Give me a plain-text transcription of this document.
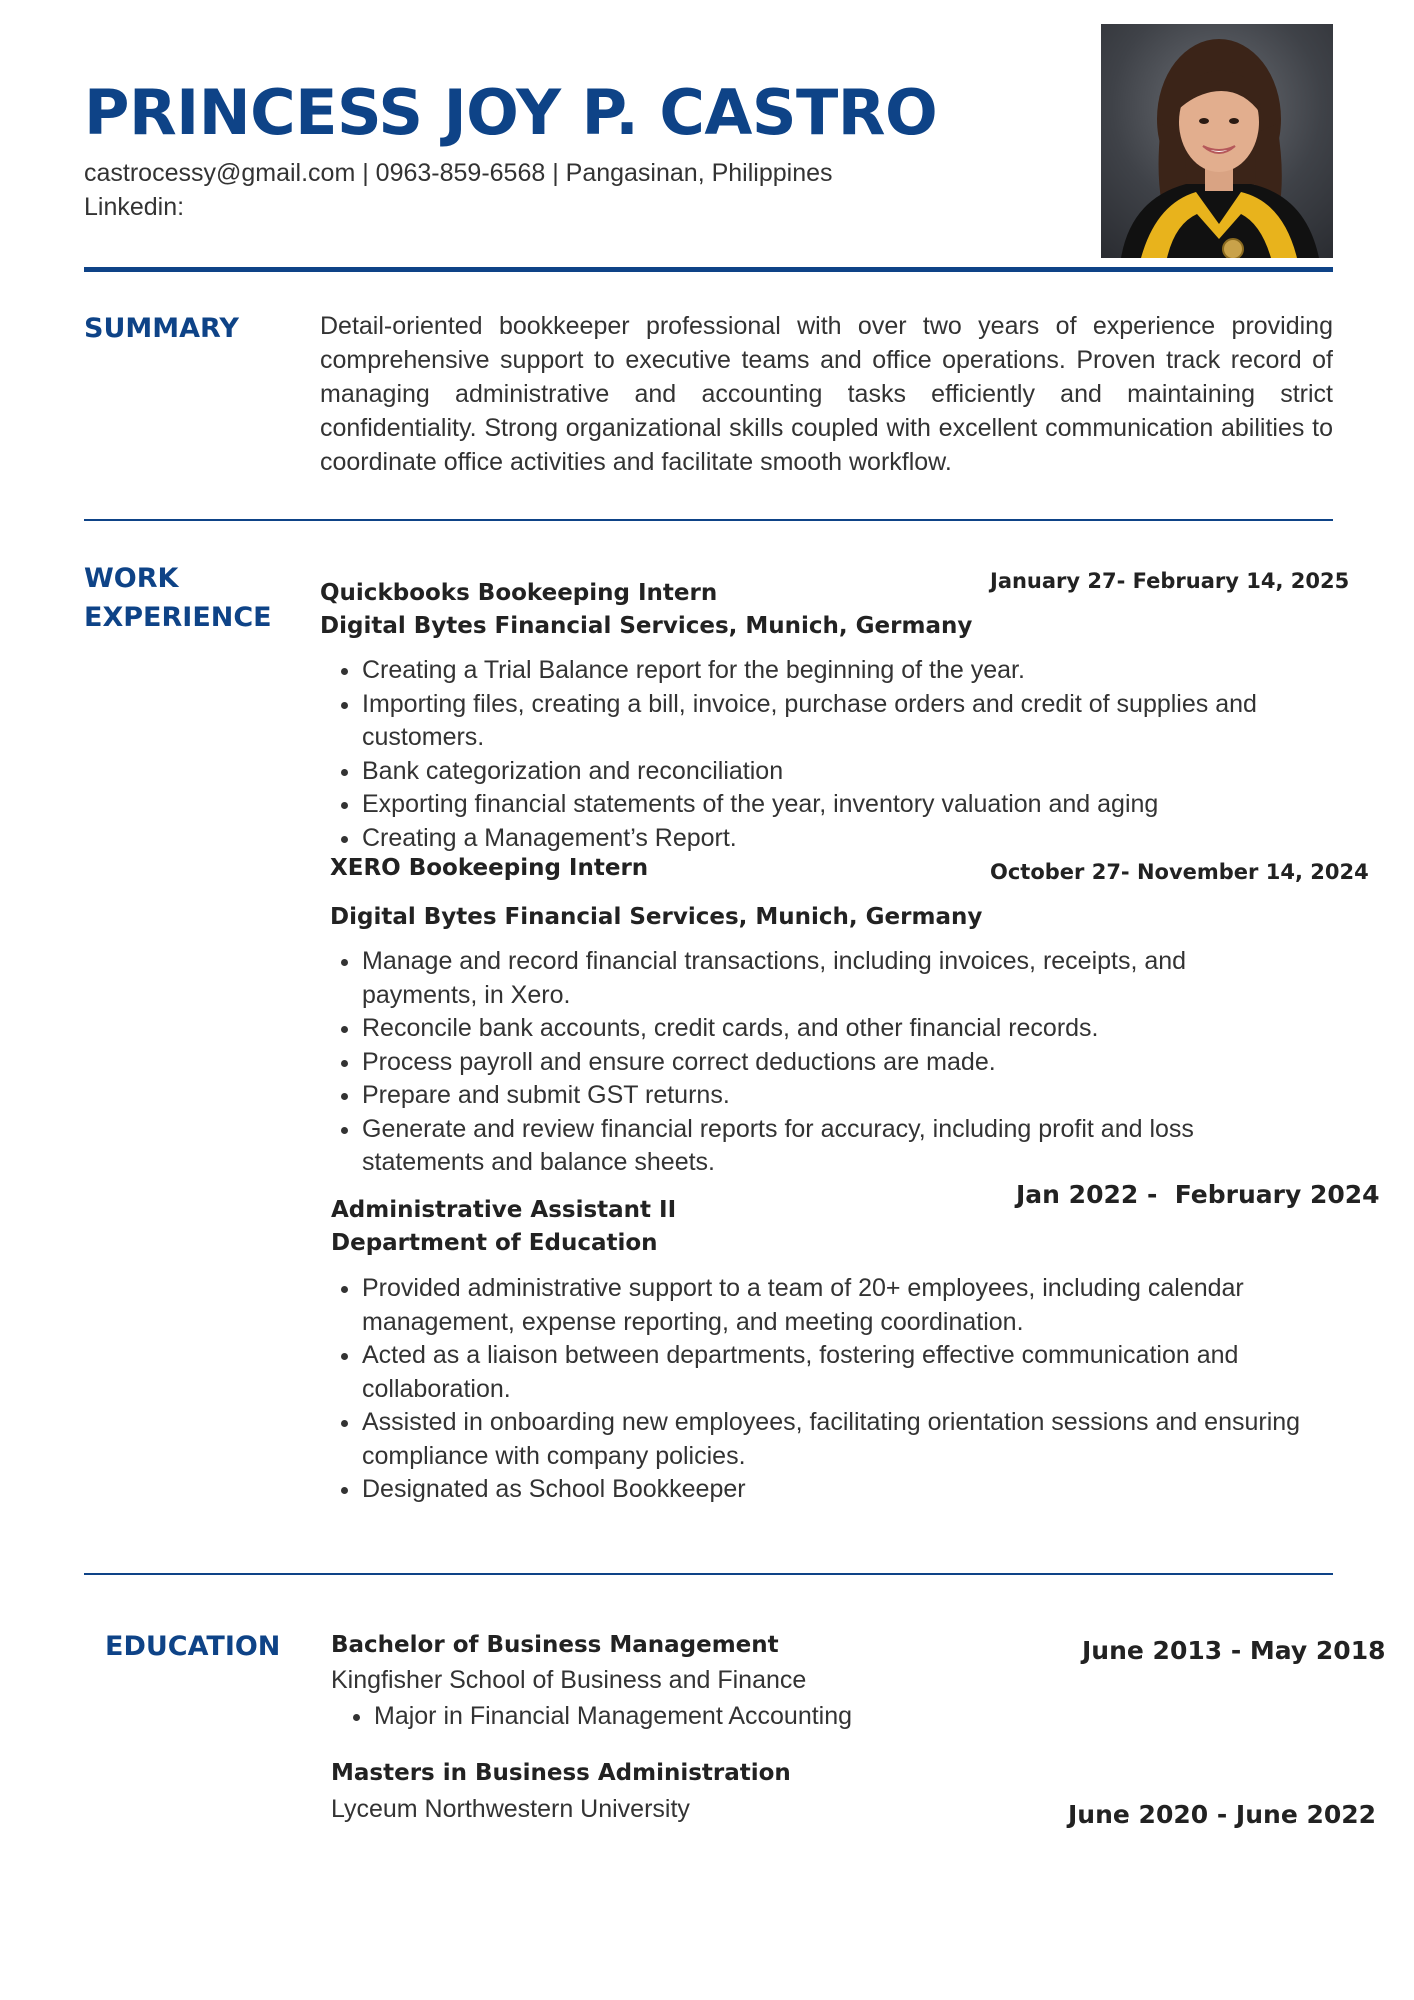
PRINCESS JOY P. CASTRO
castrocessy@gmail.com | 0963-859-6568 | Pangasinan, Philippines
Linkedin:
SUMMARY	Detail-oriented bookkeeper professional with over two years of experience providing comprehensive support to executive teams and office operations. Proven track record of managing administrative and accounting tasks efficiently and maintaining strict confidentiality. Strong organizational skills coupled with excellent communication abilities to coordinate office activities and facilitate smooth workflow.

WORK
EXPERIENCE
Quickbooks Bookeeping Intern
Digital Bytes Financial Services, Munich, Germany
January 27- February 14, 2025
• Creating a Trial Balance report for the beginning of the year.
• Importing files, creating a bill, invoice, purchase orders and credit of supplies and customers.
• Bank categorization and reconciliation
• Exporting financial statements of the year, inventory valuation and aging
• Creating a Management’s Report.
XERO Bookeeping Intern	October 27- November 14, 2024
Digital Bytes Financial Services, Munich, Germany
• Manage and record financial transactions, including invoices, receipts, and payments, in Xero.
• Reconcile bank accounts, credit cards, and other financial records.
• Process payroll and ensure correct deductions are made.
• Prepare and submit GST returns.
• Generate and review financial reports for accuracy, including profit and loss statements and balance sheets.
Administrative Assistant II
Department of Education
Jan 2022 -  February 2024
• Provided administrative support to a team of 20+ employees, including calendar management, expense reporting, and meeting coordination.
• Acted as a liaison between departments, fostering effective communication and collaboration.
• Assisted in onboarding new employees, facilitating orientation sessions and ensuring compliance with company policies.
• Designated as School Bookkeeper
EDUCATION Bachelor of Business Management
Kingfisher School of Business and Finance
June 2013 - May 2018
• Major in Financial Management Accounting
Masters in Business Administration
Lyceum Northwestern University	June 2020 - June 2022
